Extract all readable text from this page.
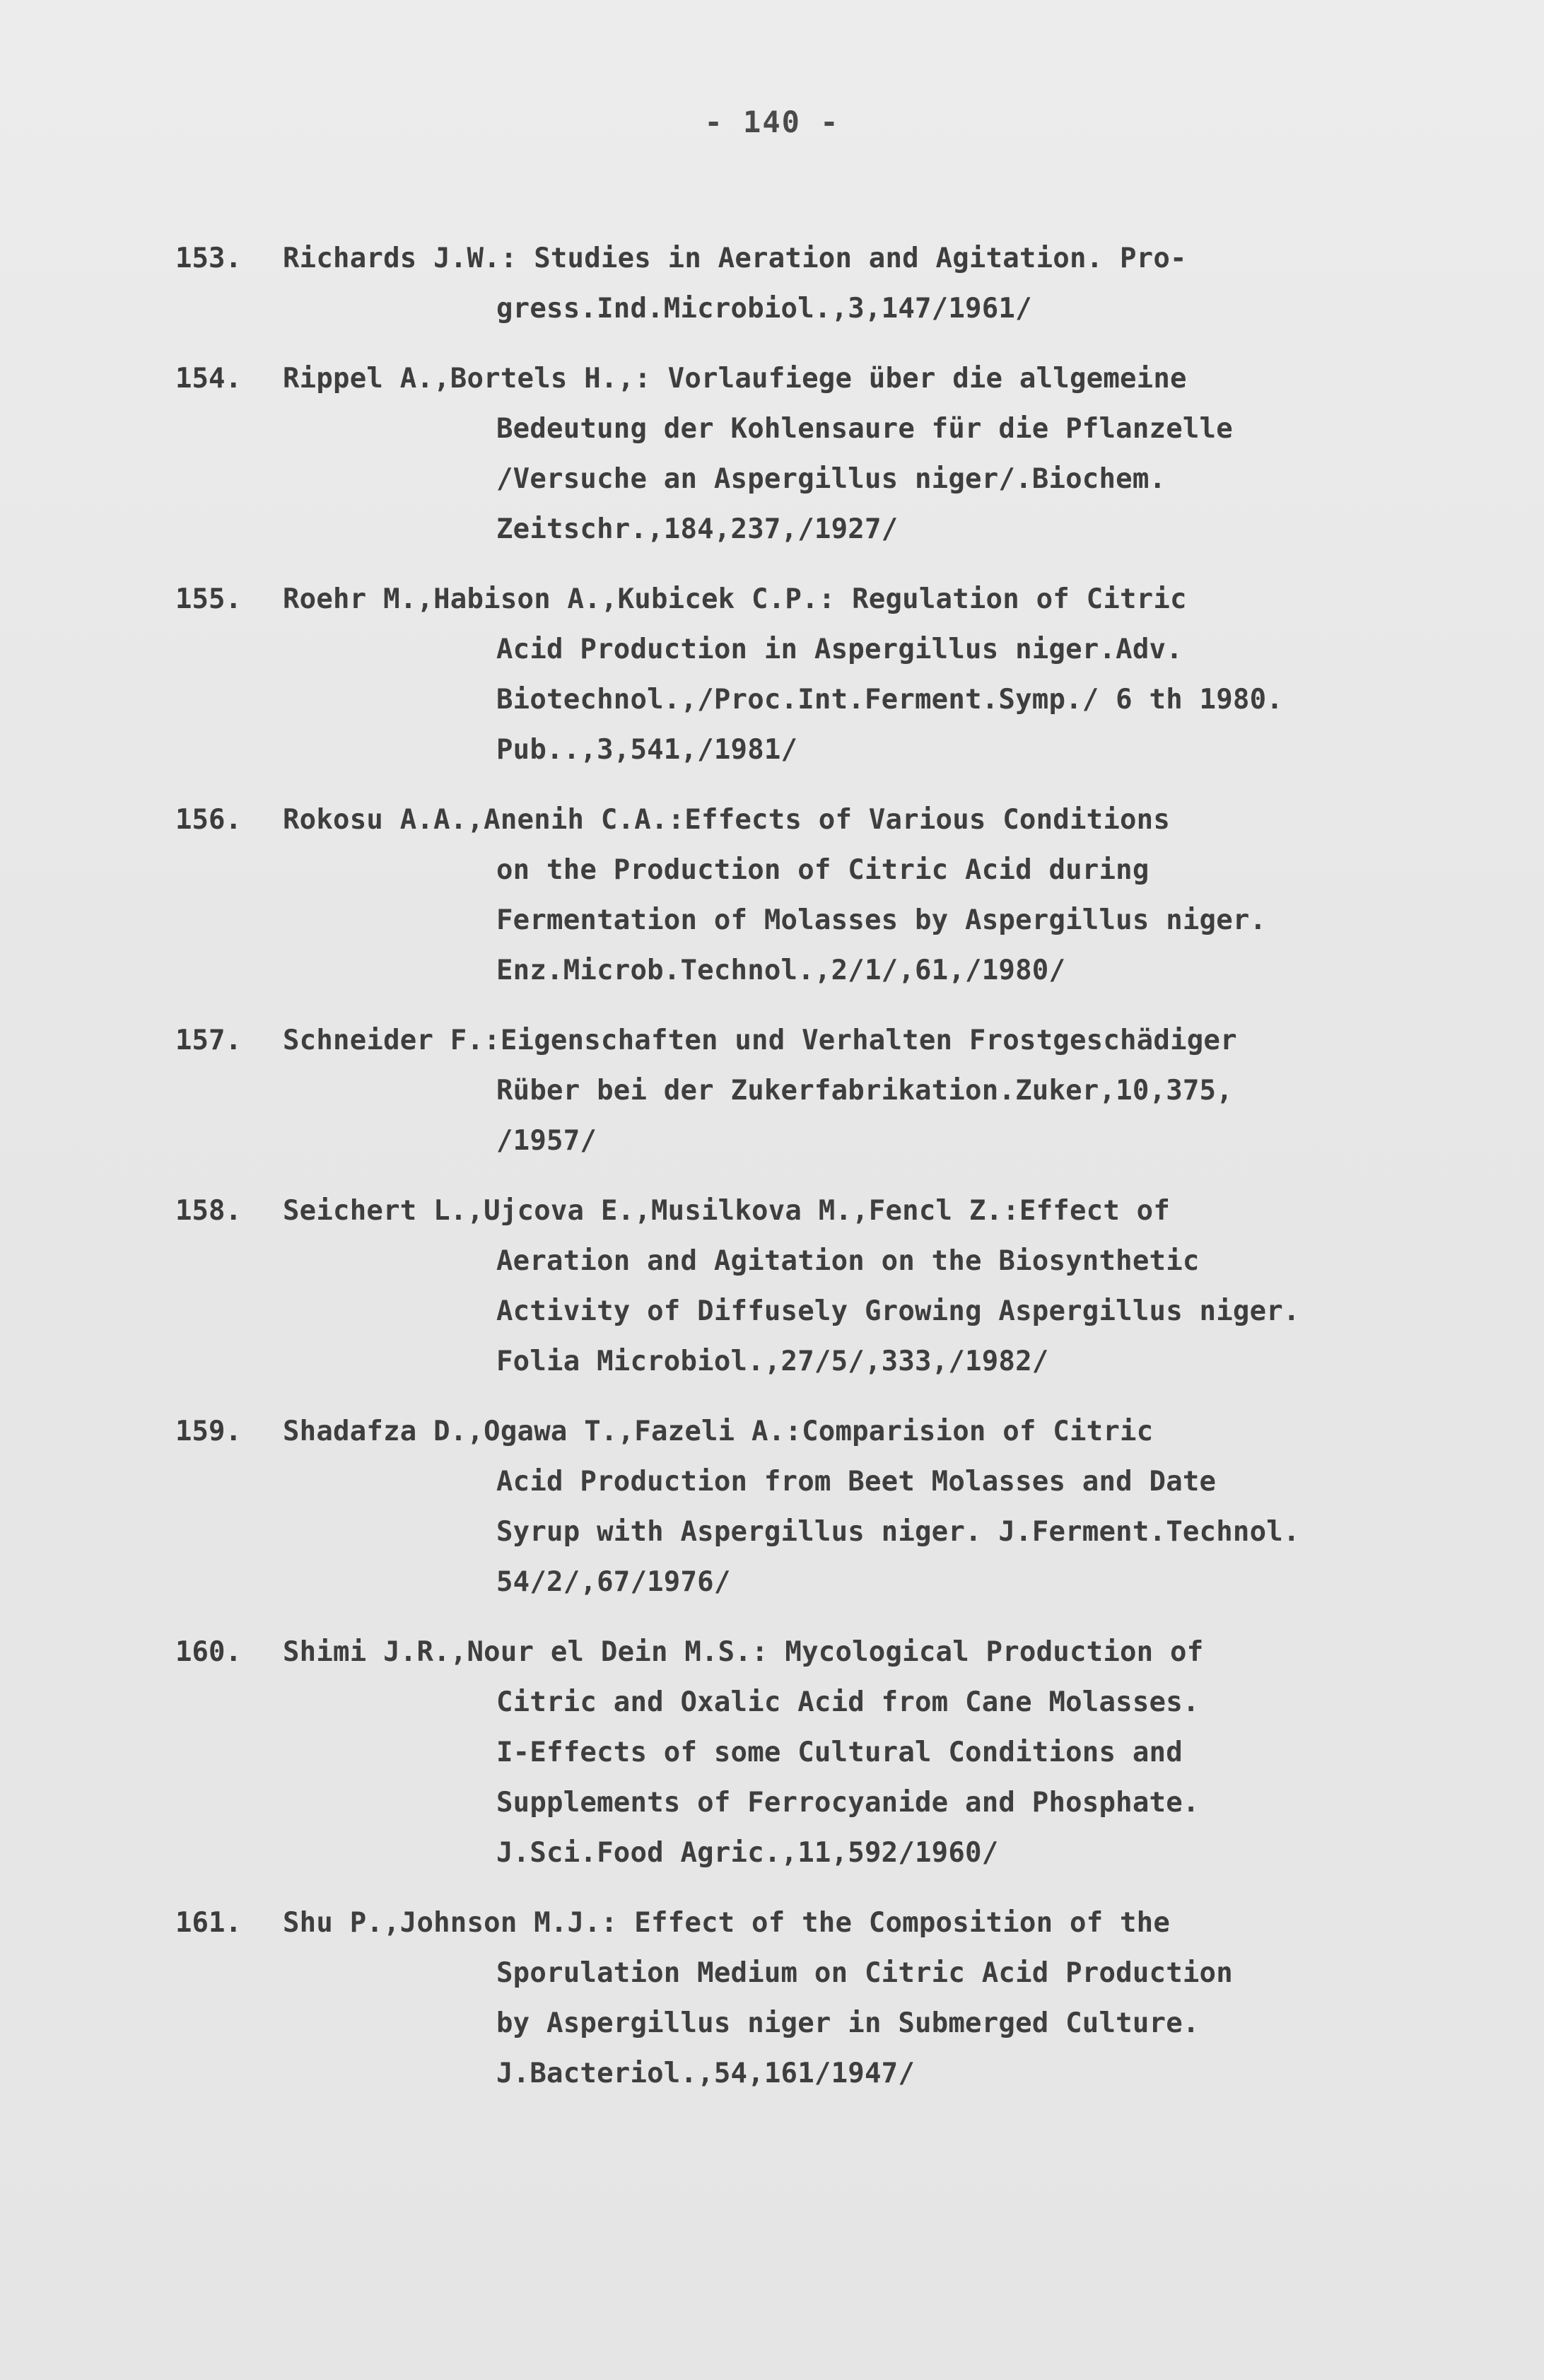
- 140 -
153.	Richards J.W.: Studies in Aeration and Agitation. Pro-
gress.Ind.Microbiol.,3,147/1961/
154.	Rippel A.,Bortels H.,: Vorlaufiege über die allgemeine
Bedeutung der Kohlensaure für die Pflanzelle
/Versuche an Aspergillus niger/.Biochem.
Zeitschr.,184,237,/1927/
155.	Roehr M.,Habison A.,Kubicek C.P.: Regulation of Citric
Acid Production in Aspergillus niger.Adv.
Biotechnol.,/Proc.Int.Ferment.Symp./ 6 th 1980.
Pub..,3,541,/1981/
156.	Rokosu A.A.,Anenih C.A.:Effects of Various Conditions
on the Production of Citric Acid during
Fermentation of Molasses by Aspergillus niger.
Enz.Microb.Technol.,2/1/,61,/1980/
157.	Schneider F.:Eigenschaften und Verhalten Frostgeschädiger
Rüber bei der Zukerfabrikation.Zuker,10,375,
/1957/
158.	Seichert L.,Ujcova E.,Musilkova M.,Fencl Z.:Effect of
Aeration and Agitation on the Biosynthetic
Activity of Diffusely Growing Aspergillus niger.
Folia Microbiol.,27/5/,333,/1982/
159.	Shadafza D.,Ogawa T.,Fazeli A.:Comparision of Citric
Acid Production from Beet Molasses and Date
Syrup with Aspergillus niger. J.Ferment.Technol.
54/2/,67/1976/
160.	Shimi J.R.,Nour el Dein M.S.: Mycological Production of
Citric and Oxalic Acid from Cane Molasses.
I-Effects of some Cultural Conditions and
Supplements of Ferrocyanide and Phosphate.
J.Sci.Food Agric.,11,592/1960/
161.	Shu P.,Johnson M.J.: Effect of the Composition of the
Sporulation Medium on Citric Acid Production
by Aspergillus niger in Submerged Culture.
J.Bacteriol.,54,161/1947/
